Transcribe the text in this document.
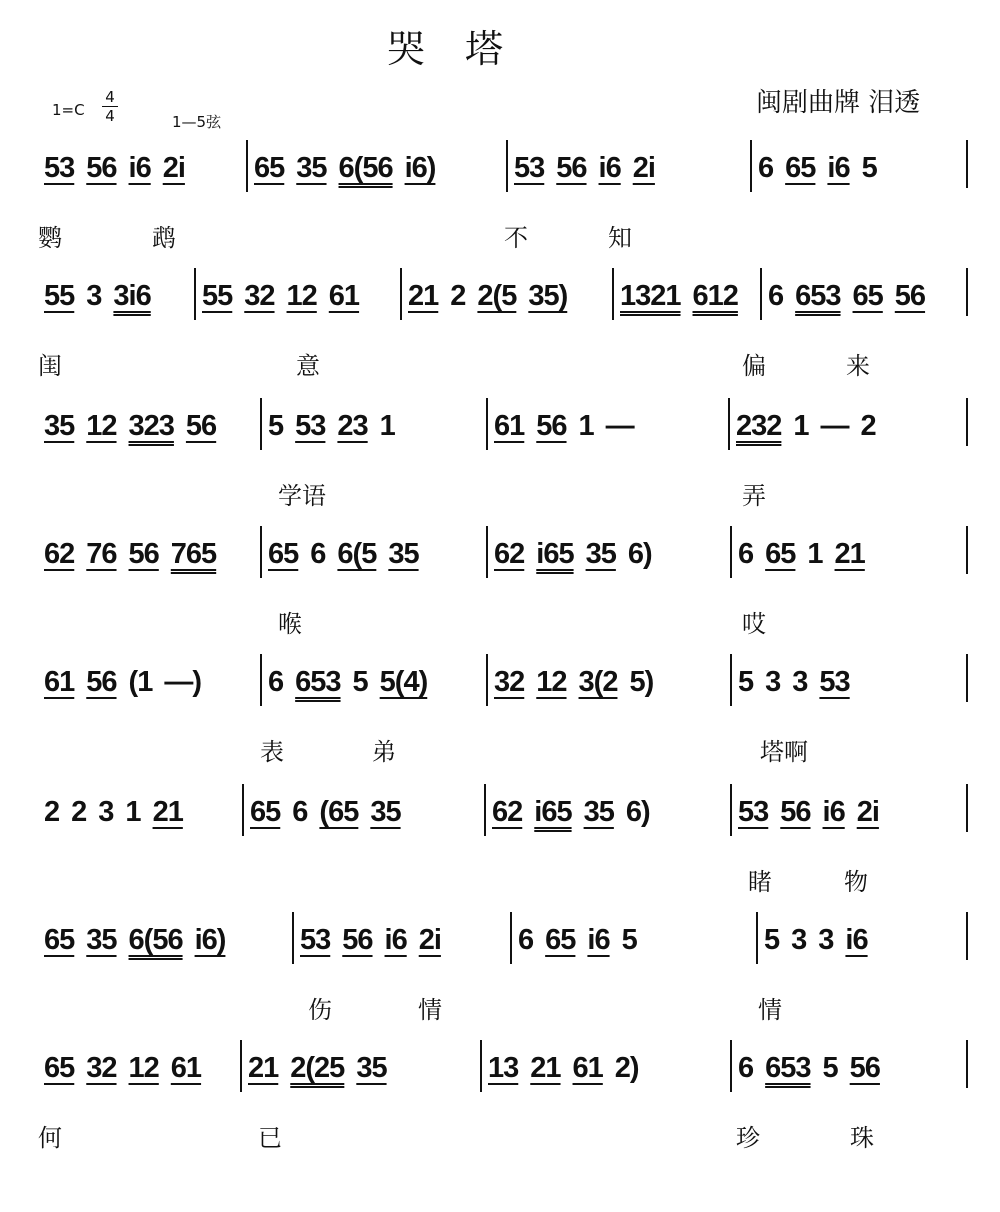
哭塔
闽剧曲牌 泪透
1=C
4
4	1—5弦
53 56 i6 2i 65 35 6(56 i6)	53 56 i6 2i	6 65 i6 5
鹦	鹉	不	知
55 3 3i6 55 32 12 61 21 2 2(5 35) 1321 612 6 653 65 56
闺	意	偏	来
35 12 323 56 5 53 23 1	61 56 1 —	232 1 — 2
学语	弄
62 76 56 765 65 6 6(5 35	62 i65 35 6)	6 65 1 21
喉	哎
61 56 (1 —) 6 653 5 5(4) 32 12 3(2 5)	5 3 3 53
表	弟	塔啊
2 2 3 1 21 65 6 (65 35	62 i65 35 6)	53 56 i6 2i
睹	物
65 35 6(56 i6)	53 56 i6 2i	6 65 i6 5	5 3 3 i6
伤	情	情
65 32 12 61 21 2(25 35	13 21 61 2)	6 653 5 56
何	已	珍	珠
